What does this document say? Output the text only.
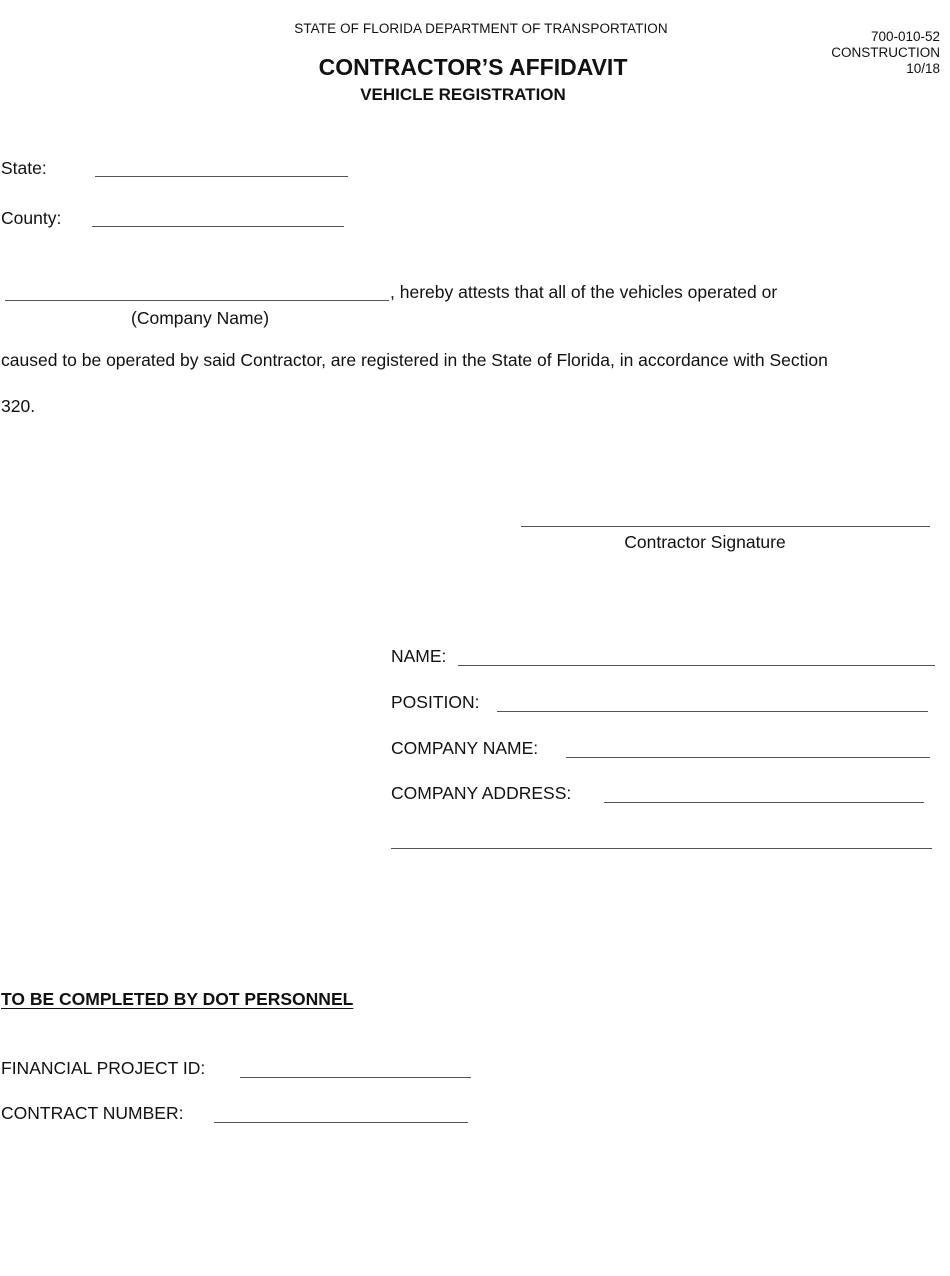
STATE OF FLORIDA DEPARTMENT OF TRANSPORTATION
700-010-52
CONSTRUCTION
10/18
CONTRACTOR’S AFFIDAVIT
VEHICLE REGISTRATION
State:
County:
, hereby attests that all of the vehicles operated or
(Company Name)
caused to be operated by said Contractor, are registered in the State of Florida, in accordance with Section
320.
Contractor Signature
NAME:
POSITION:
COMPANY NAME:
COMPANY ADDRESS:
TO BE COMPLETED BY DOT PERSONNEL
FINANCIAL PROJECT ID:
CONTRACT NUMBER:
